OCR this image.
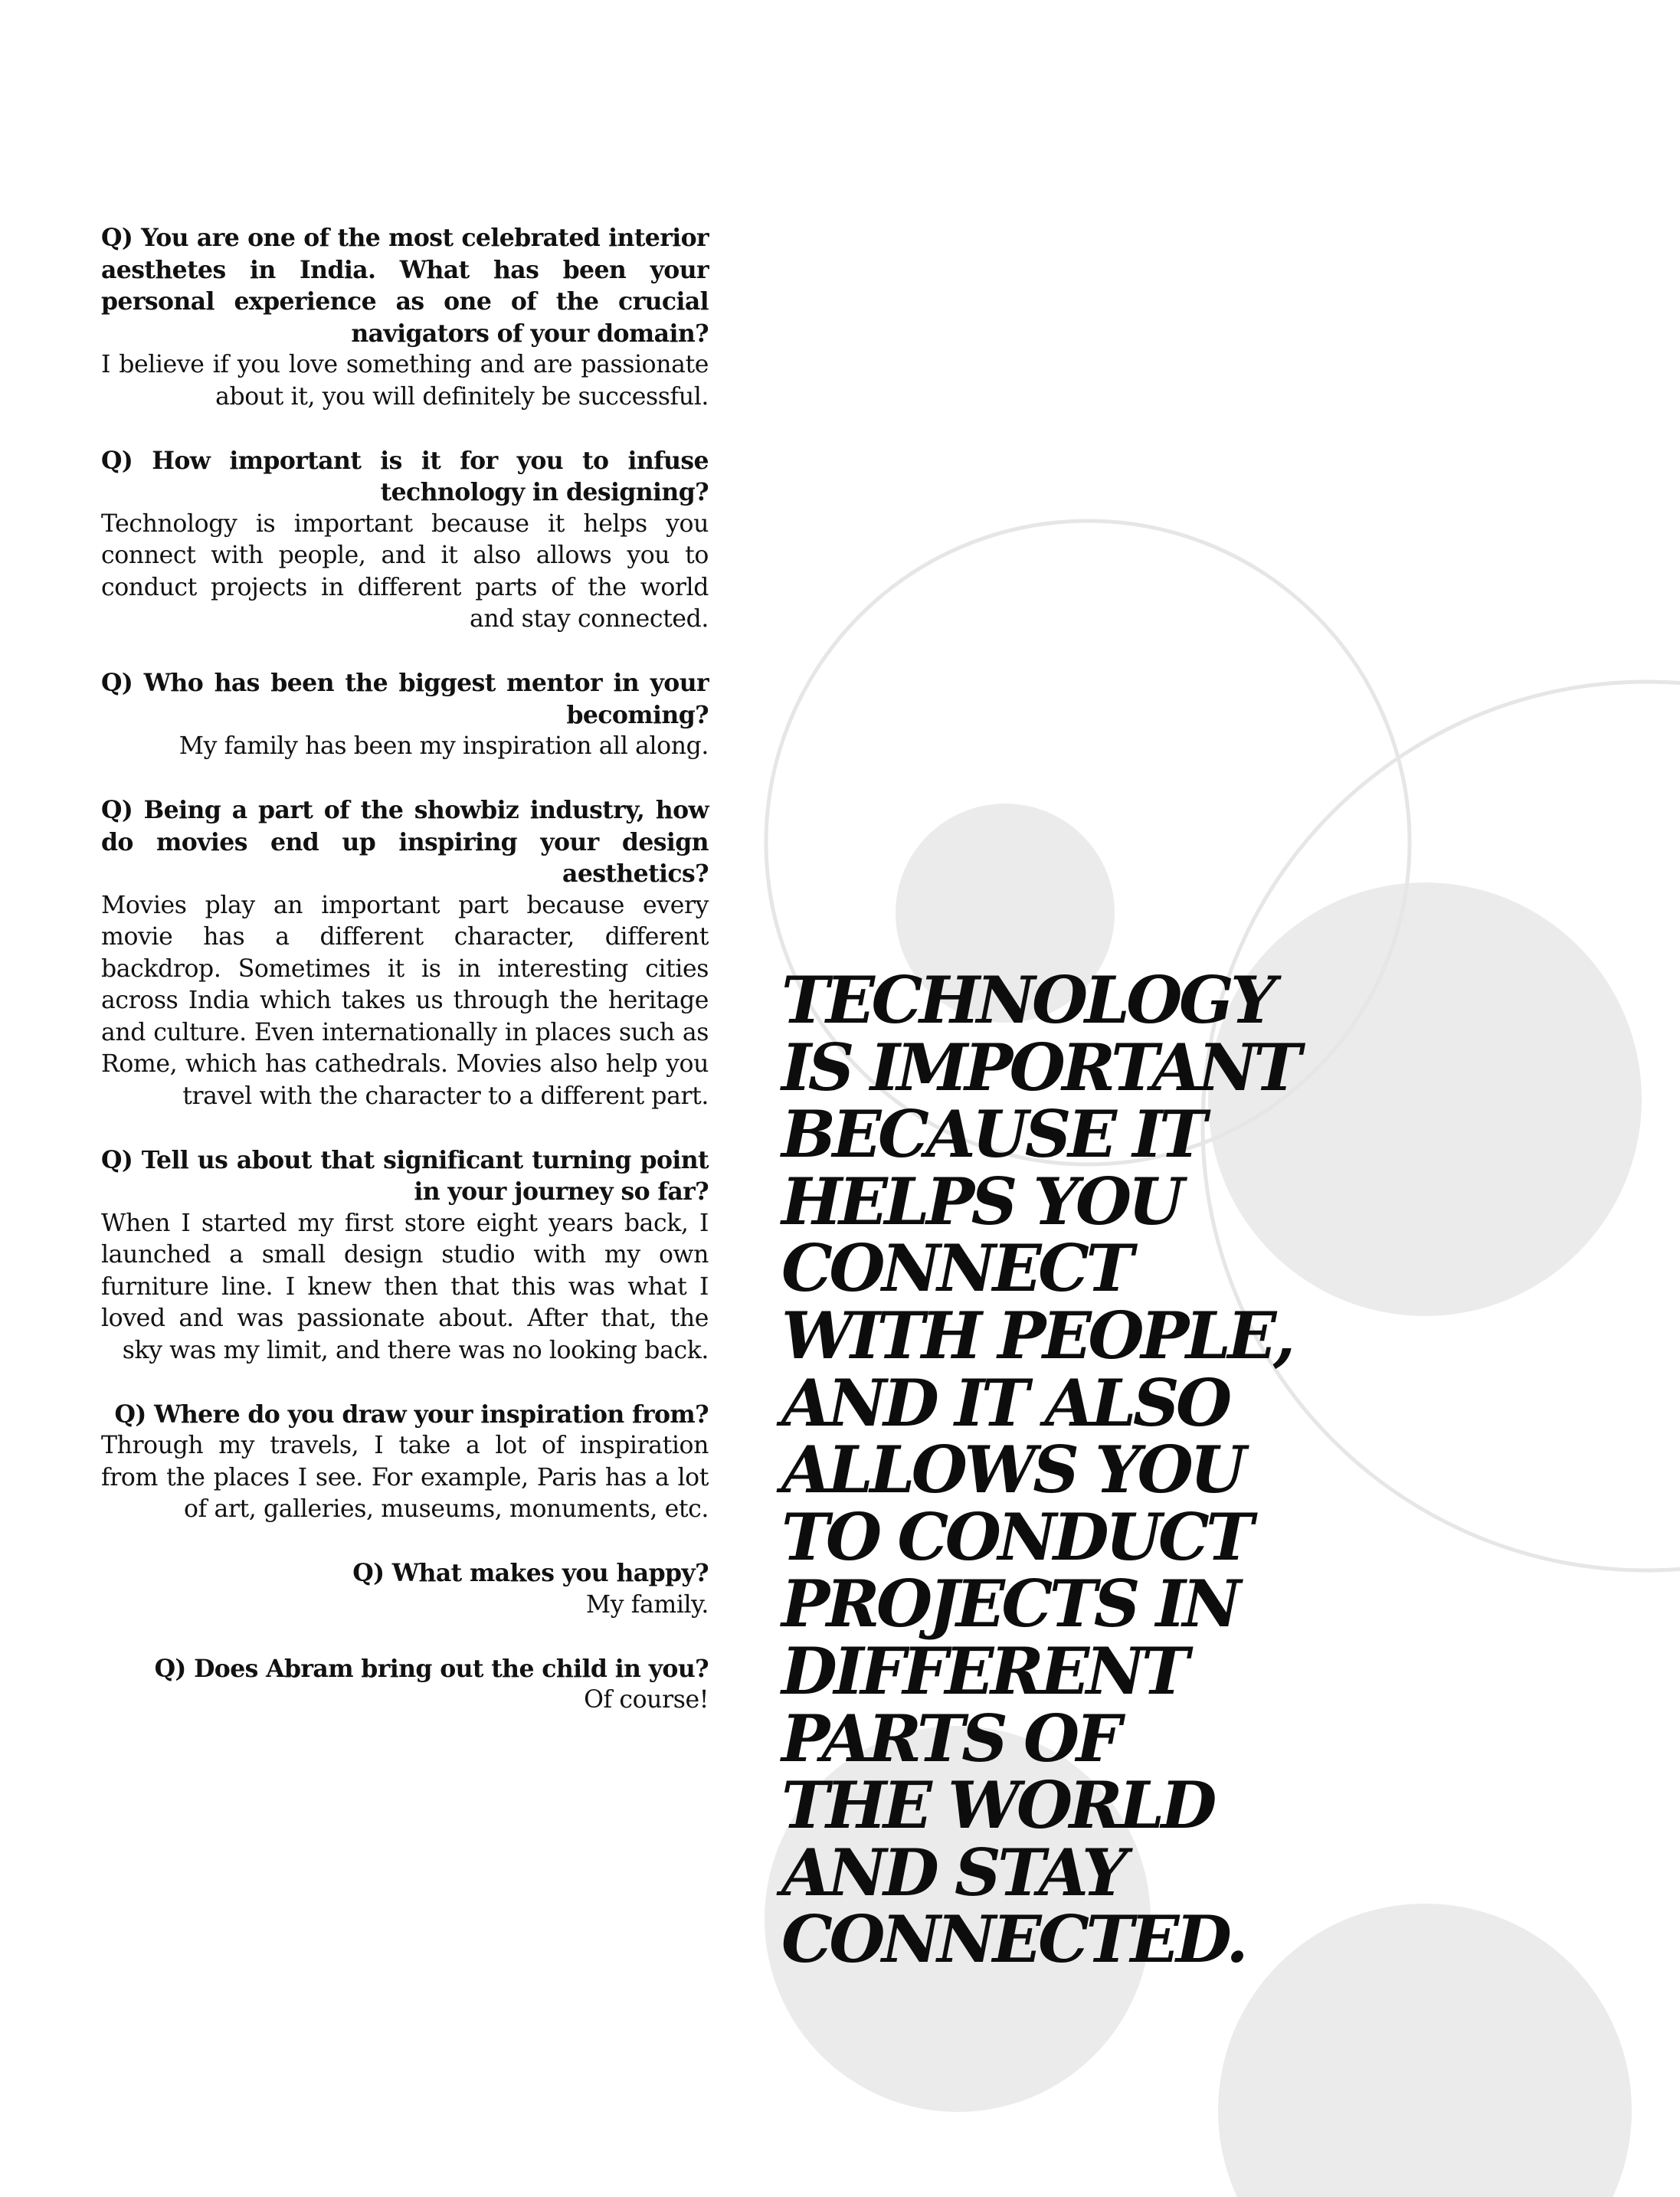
Q) You are one of the most celebrated interior aesthetes in India. What has been your personal experience as one of the crucial navigators of your domain?

I believe if you love something and are passionate about it, you will definitely be successful.

Q) How important is it for you to infuse technology in designing?

Technology is important because it helps you connect with people, and it also allows you to conduct projects in different parts of the world and stay connected.

Q) Who has been the biggest mentor in your becoming?

My family has been my inspiration all along.

Q) Being a part of the showbiz industry, how do movies end up inspiring your design aesthetics?

Movies play an important part because every movie has a different character, different backdrop. Sometimes it is in interesting cities across India which takes us through the heritage and culture. Even internationally in places such as Rome, which has cathedrals. Movies also help you travel with the character to a different part.

Q) Tell us about that significant turning point in your journey so far?

When I started my first store eight years back, I launched a small design studio with my own furniture line. I knew then that this was what I loved and was passionate about. After that, the sky was my limit, and there was no looking back.

Q) Where do you draw your inspiration from?

Through my travels, I take a lot of inspiration from the places I see. For example, Paris has a lot of art, galleries, museums, monuments, etc.

Q) What makes you happy?

My family.

Q) Does Abram bring out the child in you?

Of course!

TECHNOLOGY
IS IMPORTANT
BECAUSE IT
HELPS YOU
CONNECT
WITH PEOPLE,
AND IT ALSO
ALLOWS YOU
TO CONDUCT
PROJECTS IN
DIFFERENT
PARTS OF
THE WORLD
AND STAY
CONNECTED.
